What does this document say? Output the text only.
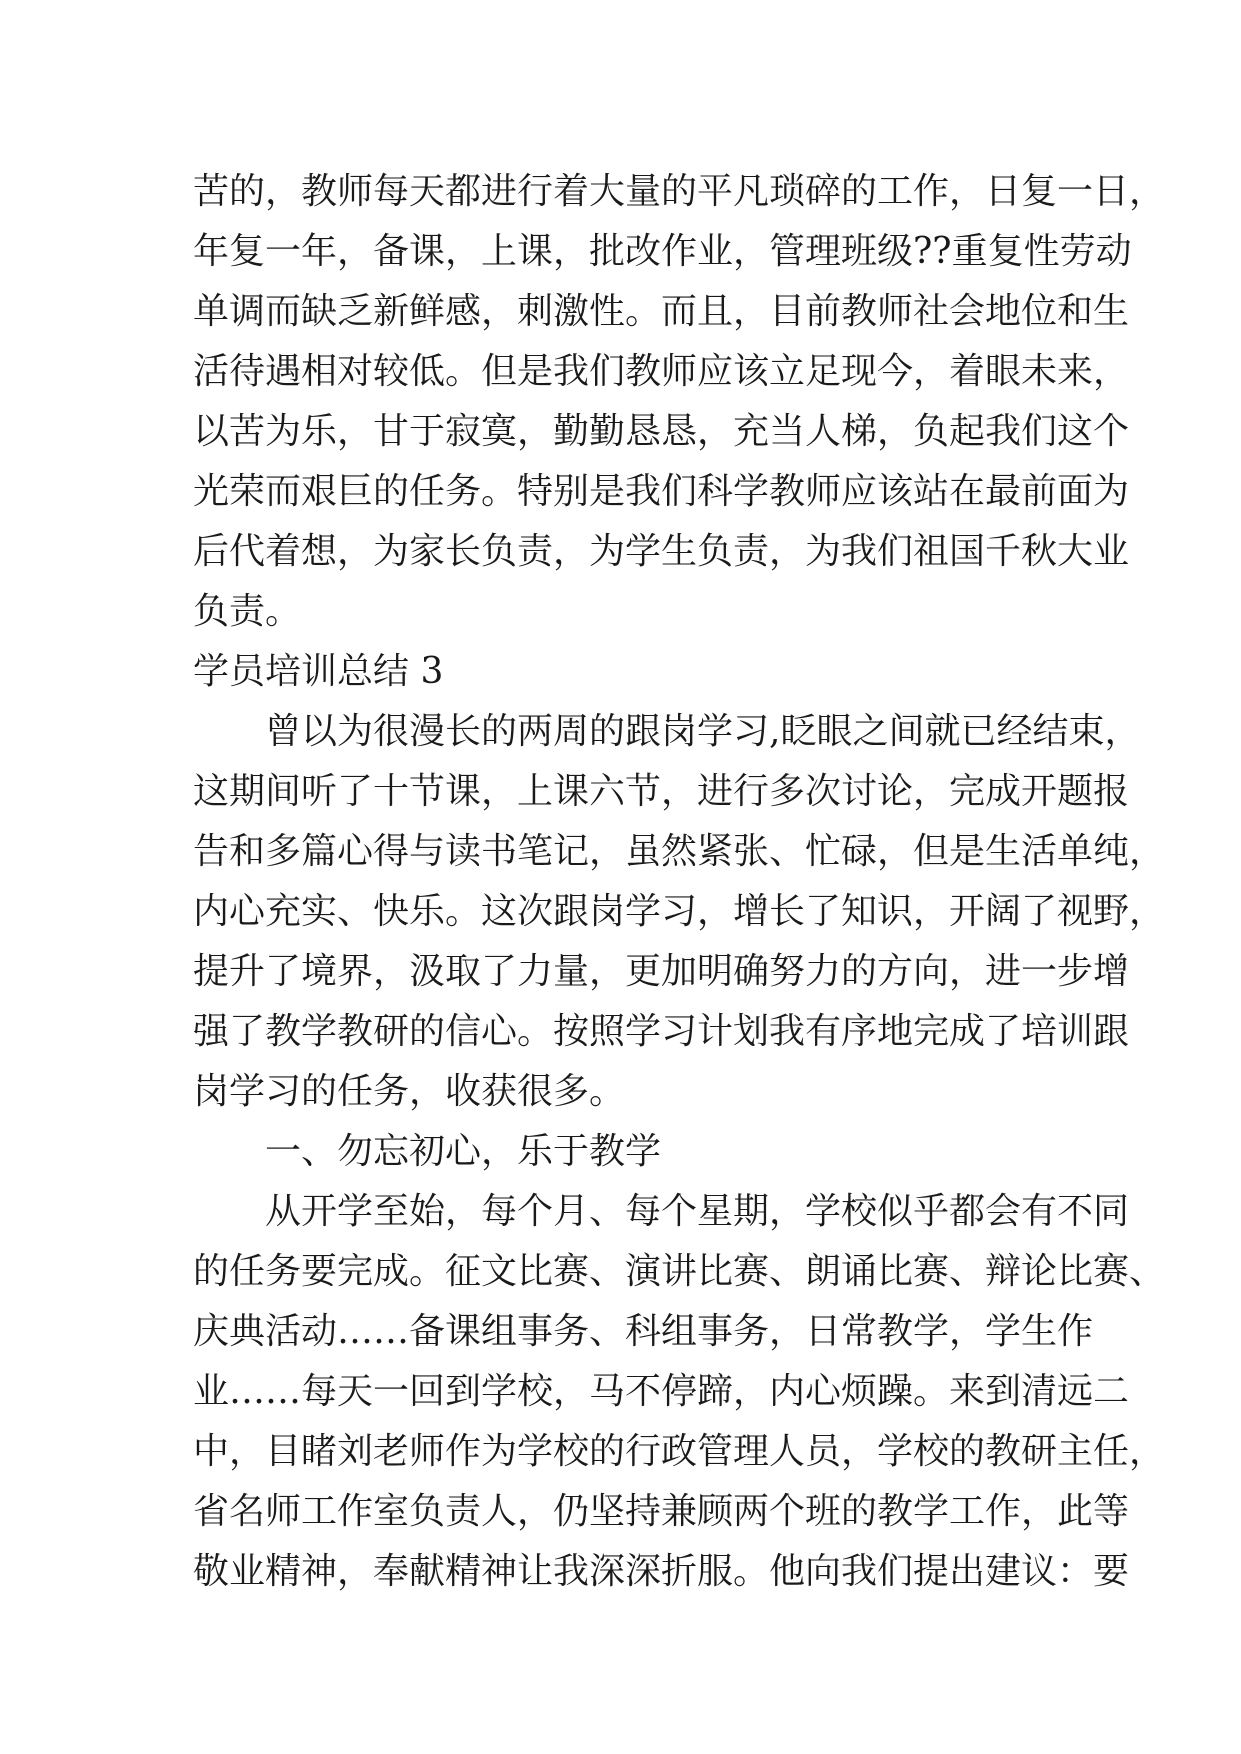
苦的，教师每天都进行着大量的平凡琐碎的工作，日复一日，
年复一年，备课，上课，批改作业，管理班级??重复性劳动
单调而缺乏新鲜感，刺激性。而且，目前教师社会地位和生
活待遇相对较低。但是我们教师应该立足现今，着眼未来，
以苦为乐，甘于寂寞，勤勤恳恳，充当人梯，负起我们这个
光荣而艰巨的任务。特别是我们科学教师应该站在最前面为
后代着想，为家长负责，为学生负责，为我们祖国千秋大业
负责。
学员培训总结 3
曾以为很漫长的两周的跟岗学习,眨眼之间就已经结束，
这期间听了十节课，上课六节，进行多次讨论，完成开题报
告和多篇心得与读书笔记，虽然紧张、忙碌，但是生活单纯，
内心充实、快乐。这次跟岗学习，增长了知识，开阔了视野，
提升了境界，汲取了力量，更加明确努力的方向，进一步增
强了教学教研的信心。按照学习计划我有序地完成了培训跟
岗学习的任务，收获很多。
一、勿忘初心，乐于教学
从开学至始，每个月、每个星期，学校似乎都会有不同
的任务要完成。征文比赛、演讲比赛、朗诵比赛、辩论比赛、
庆典活动……备课组事务、科组事务，日常教学，学生作
业……每天一回到学校，马不停蹄，内心烦躁。来到清远二
中，目睹刘老师作为学校的行政管理人员，学校的教研主任，
省名师工作室负责人，仍坚持兼顾两个班的教学工作，此等
敬业精神，奉献精神让我深深折服。他向我们提出建议：要
